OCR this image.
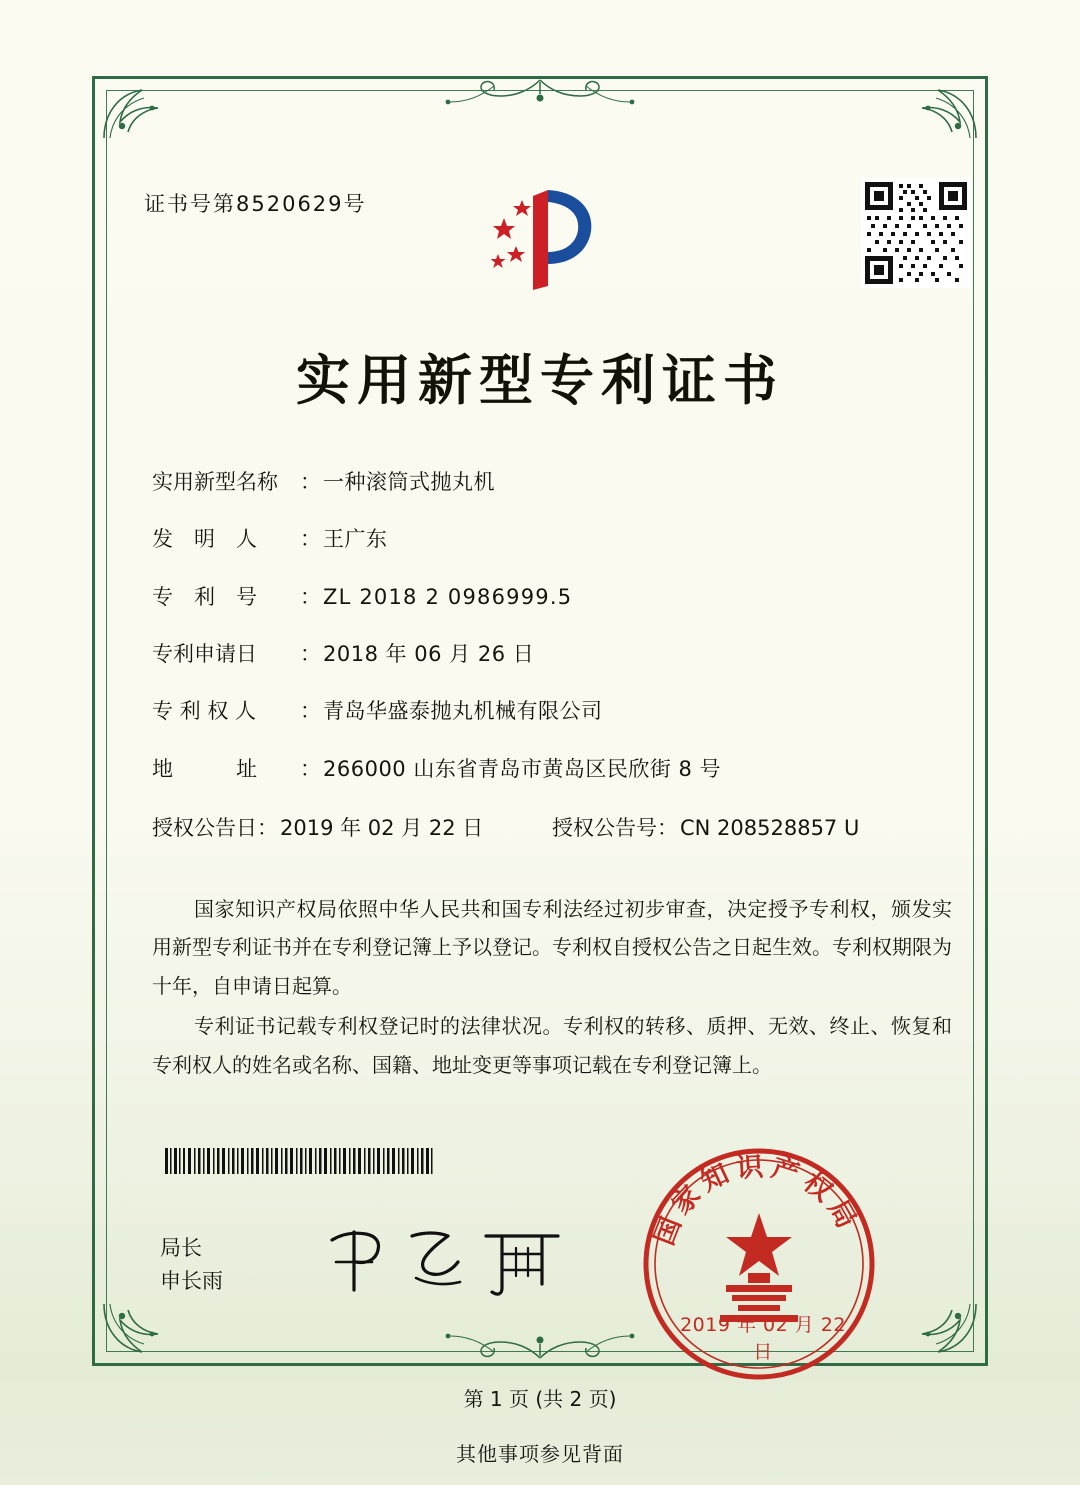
证书号第8520629号
实用新型专利证书
实用新型名称	： 一种滚筒式抛丸机
发　明　人	： 王广东
专　利　号	： ZL 2018 2 0986999.5
专利申请日	： 2018 年 06 月 26 日
专 利 权 人	： 青岛华盛泰抛丸机械有限公司
地　　　址	： 266000 山东省青岛市黄岛区民欣街 8 号
授权公告日 ： 2019 年 02 月 22 日	授权公告号 ： CN 208528857 U

国家知识产权局依照中华人民共和国专利法经过初步审查，决定授予专利权，颁发实用新型专利证书并在专利登记簿上予以登记。专利权自授权公告之日起生效。专利权期限为十年，自申请日起算。

专利证书记载专利权登记时的法律状况。专利权的转移、质押、无效、终止、恢复和专利权人的姓名或名称、国籍、地址变更等事项记载在专利登记簿上。

局长
申长雨
国家知识产权局
2019 年 02 月 22 日
第 1 页 (共 2 页)
其他事项参见背面
